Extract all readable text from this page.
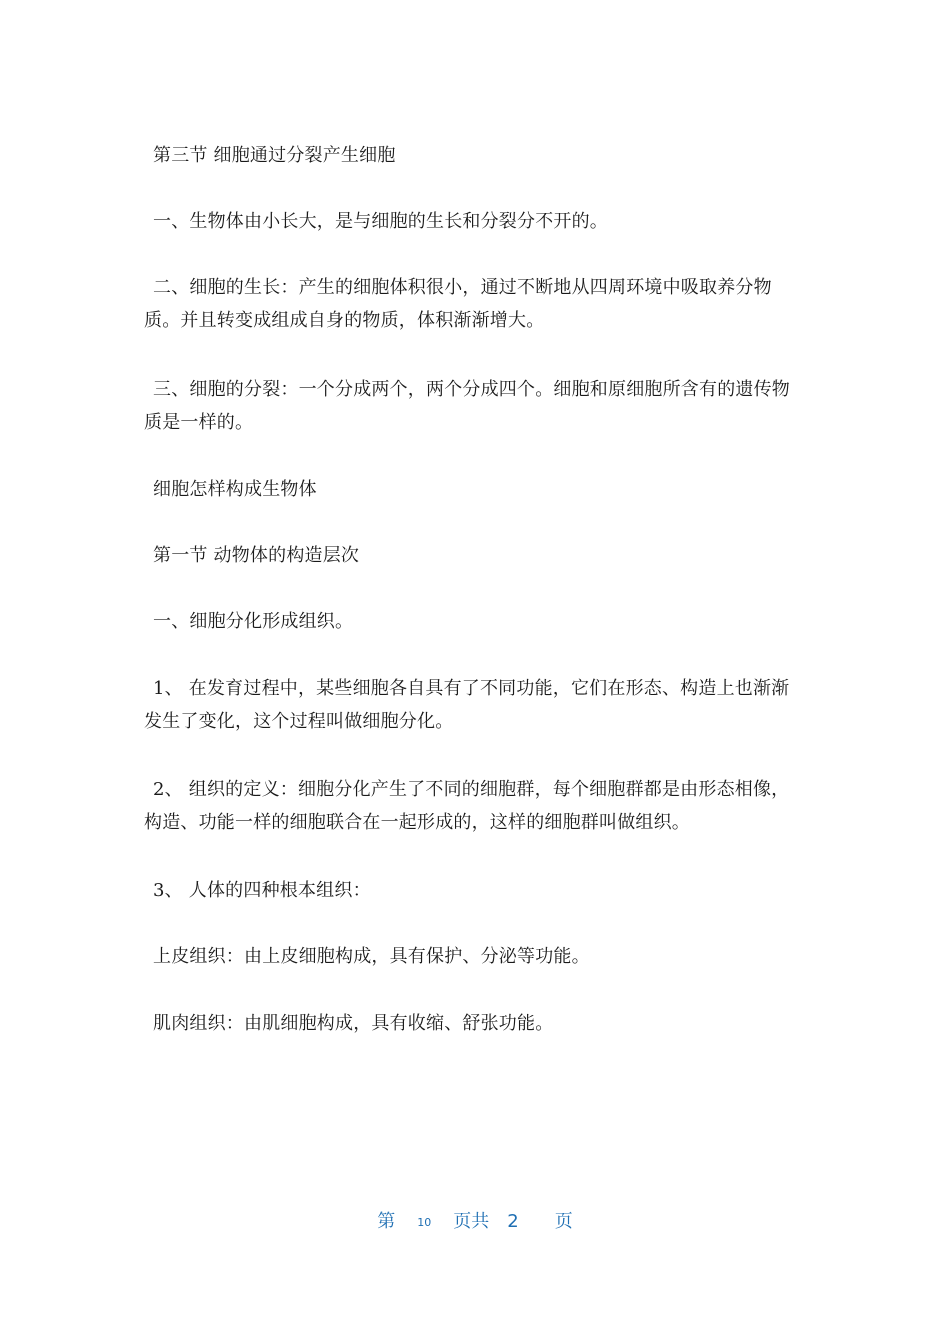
第三节 细胞通过分裂产生细胞

一、生物体由小长大，是与细胞的生长和分裂分不开的。

二、细胞的生长：产生的细胞体积很小，通过不断地从四周环境中吸取养分物质。并且转变成组成自身的物质，体积渐渐增大。

三、细胞的分裂：一个分成两个，两个分成四个。细胞和原细胞所含有的遗传物质是一样的。

细胞怎样构成生物体

第一节 动物体的构造层次

一、细胞分化形成组织。

1、 在发育过程中，某些细胞各自具有了不同功能，它们在形态、构造上也渐渐发生了变化，这个过程叫做细胞分化。

2、 组织的定义：细胞分化产生了不同的细胞群，每个细胞群都是由形态相像，构造、功能一样的细胞联合在一起形成的，这样的细胞群叫做组织。

3、 人体的四种根本组织：

上皮组织：由上皮细胞构成，具有保护、分泌等功能。

肌肉组织：由肌细胞构成，具有收缩、舒张功能。

第 10 页共 2 页
